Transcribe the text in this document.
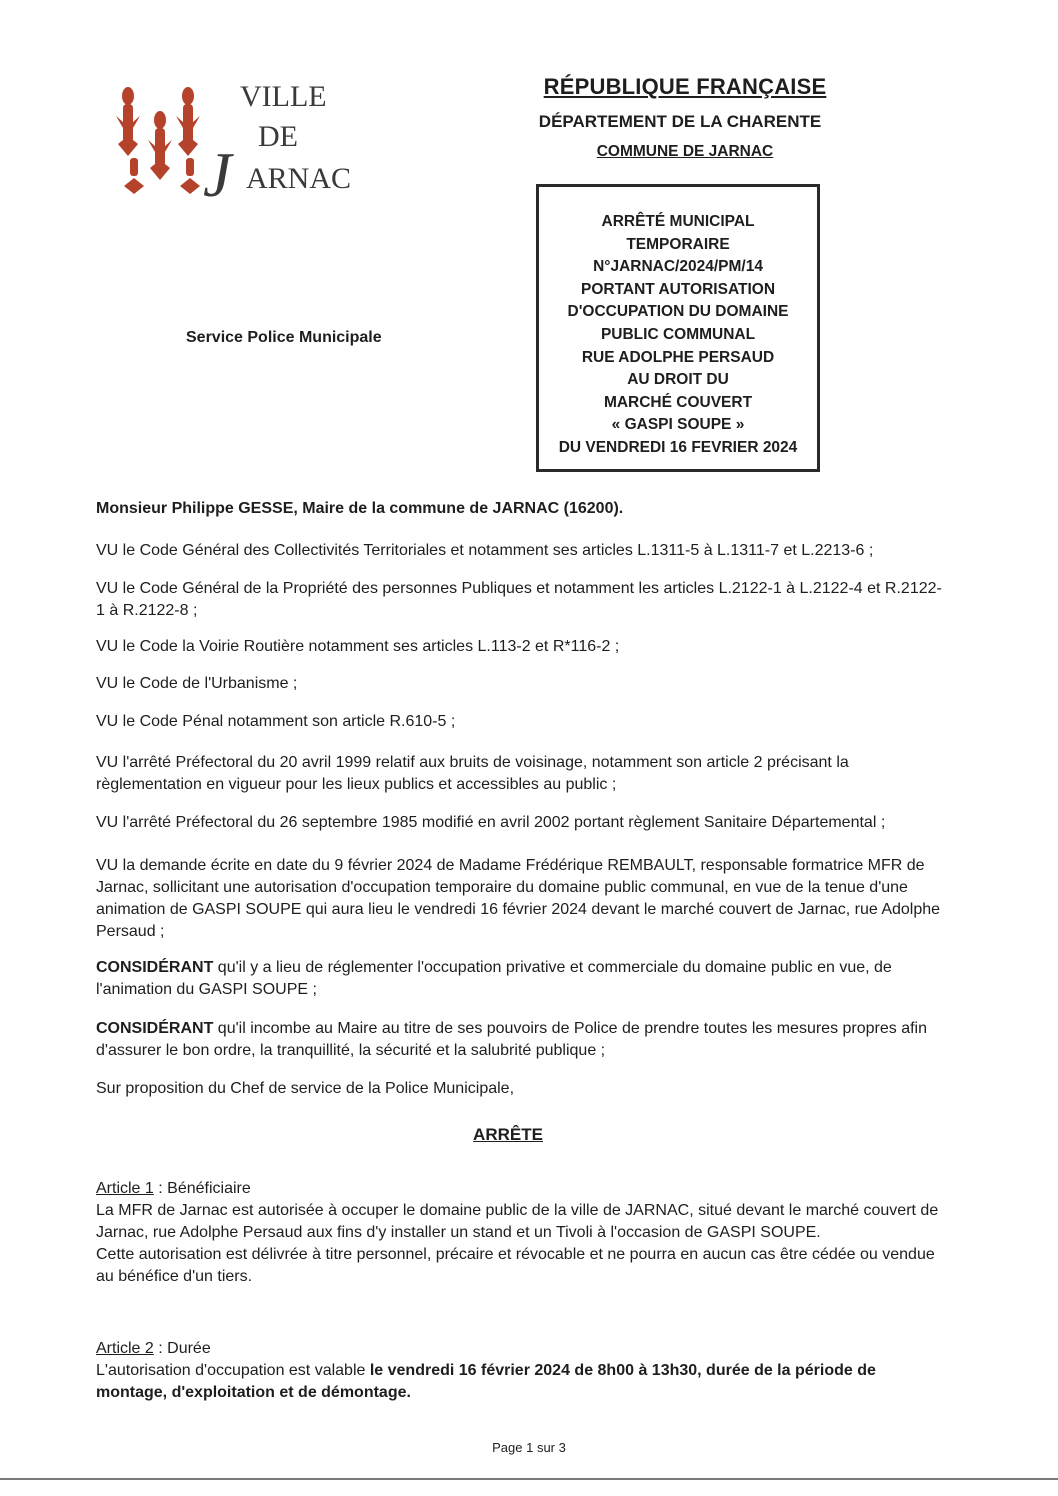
VILLE
DE
J ARNAC
RÉPUBLIQUE FRANÇAISE
DÉPARTEMENT DE LA CHARENTE
COMMUNE DE JARNAC
ARRÊTÉ MUNICIPAL
TEMPORAIRE
N°JARNAC/2024/PM/14
PORTANT AUTORISATION
D'OCCUPATION DU DOMAINE
PUBLIC COMMUNAL
RUE ADOLPHE PERSAUD
AU DROIT DU
MARCHÉ COUVERT
« GASPI SOUPE »
DU VENDREDI 16 FEVRIER 2024
Service Police Municipale
Monsieur Philippe GESSE, Maire de la commune de JARNAC (16200).
VU le Code Général des Collectivités Territoriales et notamment ses articles L.1311-5 à L.1311-7 et L.2213-6 ;
VU le Code Général de la Propriété des personnes Publiques et notamment les articles L.2122-1 à L.2122-4 et R.2122-1 à R.2122-8 ;
VU le Code la Voirie Routière notamment ses articles L.113-2 et R*116-2 ;
VU le Code de l'Urbanisme ;
VU le Code Pénal notamment son article R.610-5 ;
VU l'arrêté Préfectoral du 20 avril 1999 relatif aux bruits de voisinage, notamment son article 2 précisant la règlementation en vigueur pour les lieux publics et accessibles au public ;
VU l'arrêté Préfectoral du 26 septembre 1985 modifié en avril 2002 portant règlement Sanitaire Départemental ;
VU la demande écrite en date du 9 février 2024 de Madame Frédérique REMBAULT, responsable formatrice MFR de Jarnac, sollicitant une autorisation d'occupation temporaire du domaine public communal, en vue de la tenue d'une animation de GASPI SOUPE qui aura lieu le vendredi 16 février 2024 devant le marché couvert de Jarnac, rue Adolphe Persaud ;
CONSIDÉRANT qu'il y a lieu de réglementer l'occupation privative et commerciale du domaine public en vue, de l'animation du GASPI SOUPE ;
CONSIDÉRANT qu'il incombe au Maire au titre de ses pouvoirs de Police de prendre toutes les mesures propres afin d'assurer le bon ordre, la tranquillité, la sécurité et la salubrité publique ;
Sur proposition du Chef de service de la Police Municipale,
ARRÊTE
Article 1 : Bénéficiaire
La MFR de Jarnac est autorisée à occuper le domaine public de la ville de JARNAC, situé devant le marché couvert de Jarnac, rue Adolphe Persaud aux fins d'y installer un stand et un Tivoli à l'occasion de GASPI SOUPE.
Cette autorisation est délivrée à titre personnel, précaire et révocable et ne pourra en aucun cas être cédée ou vendue au bénéfice d'un tiers.
Article 2 : Durée
L'autorisation d'occupation est valable le vendredi 16 février 2024 de 8h00 à 13h30, durée de la période de montage, d'exploitation et de démontage.
Page 1 sur 3
